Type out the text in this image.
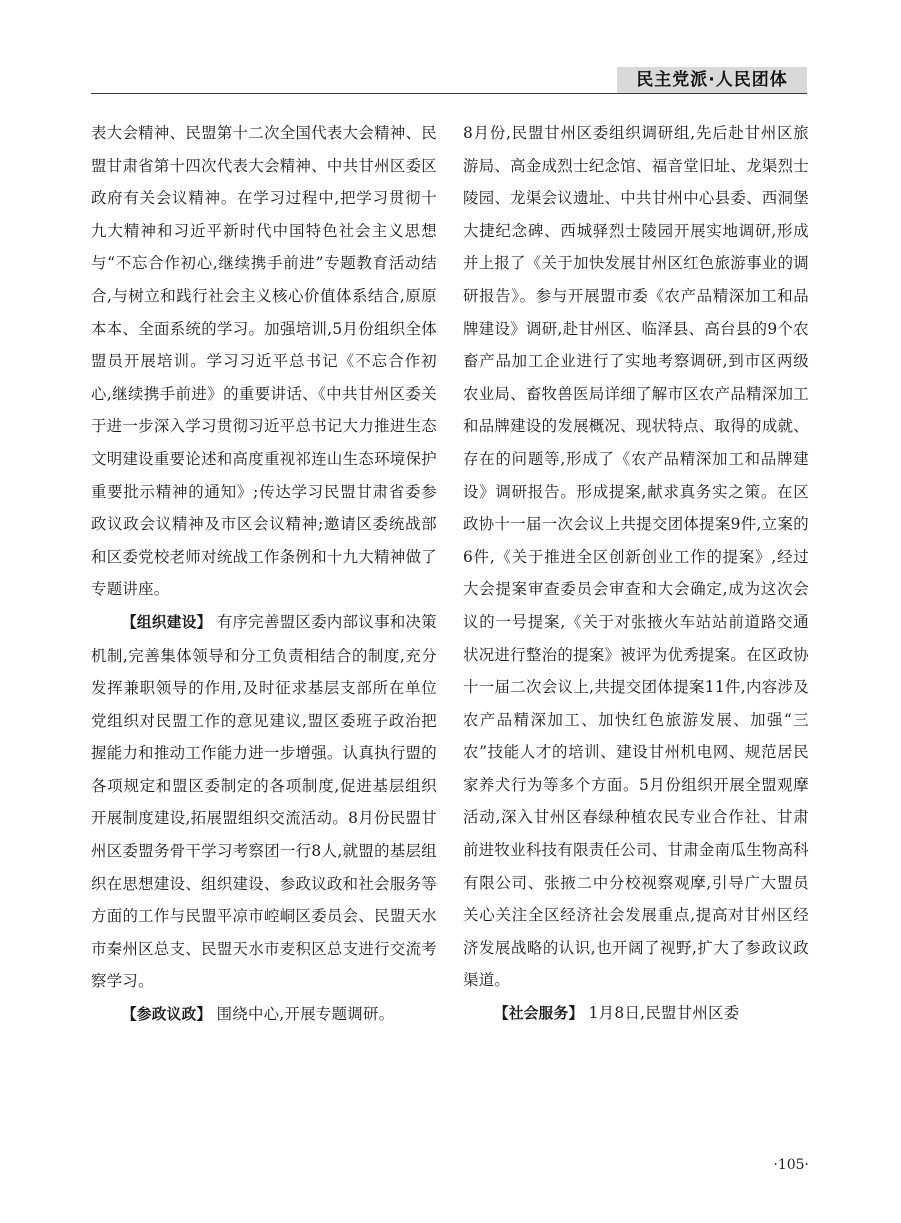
民主党派·人民团体

表大会精神、民盟第十二次全国代表大会精神、民盟甘肃省第十四次代表大会精神、中共甘州区委区政府有关会议精神。在学习过程中,把学习贯彻十九大精神和习近平新时代中国特色社会主义思想与“不忘合作初心,继续携手前进”专题教育活动结合,与树立和践行社会主义核心价值体系结合,原原本本、全面系统的学习。加强培训,5月份组织全体盟员开展培训。学习习近平总书记《不忘合作初心,继续携手前进》的重要讲话、《中共甘州区委关于进一步深入学习贯彻习近平总书记大力推进生态文明建设重要论述和高度重视祁连山生态环境保护重要批示精神的通知》;传达学习民盟甘肃省委参政议政会议精神及市区会议精神;邀请区委统战部和区委党校老师对统战工作条例和十九大精神做了专题讲座。

【组织建设】 有序完善盟区委内部议事和决策机制,完善集体领导和分工负责相结合的制度,充分发挥兼职领导的作用,及时征求基层支部所在单位党组织对民盟工作的意见建议,盟区委班子政治把握能力和推动工作能力进一步增强。认真执行盟的各项规定和盟区委制定的各项制度,促进基层组织开展制度建设,拓展盟组织交流活动。8月份民盟甘州区委盟务骨干学习考察团一行8人,就盟的基层组织在思想建设、组织建设、参政议政和社会服务等方面的工作与民盟平凉市崆峒区委员会、民盟天水市秦州区总支、民盟天水市麦积区总支进行交流考察学习。

【参政议政】 围绕中心,开展专题调研。

8月份,民盟甘州区委组织调研组,先后赴甘州区旅游局、高金成烈士纪念馆、福音堂旧址、龙渠烈士陵园、龙渠会议遗址、中共甘州中心县委、西洞堡大捷纪念碑、西城驿烈士陵园开展实地调研,形成并上报了《关于加快发展甘州区红色旅游事业的调研报告》。参与开展盟市委《农产品精深加工和品牌建设》调研,赴甘州区、临泽县、高台县的9个农畜产品加工企业进行了实地考察调研,到市区两级农业局、畜牧兽医局详细了解市区农产品精深加工和品牌建设的发展概况、现状特点、取得的成就、存在的问题等,形成了《农产品精深加工和品牌建设》调研报告。形成提案,献求真务实之策。在区政协十一届一次会议上共提交团体提案9件,立案的6件,《关于推进全区创新创业工作的提案》,经过大会提案审查委员会审查和大会确定,成为这次会议的一号提案,《关于对张掖火车站站前道路交通状况进行整治的提案》被评为优秀提案。在区政协十一届二次会议上,共提交团体提案11件,内容涉及农产品精深加工、加快红色旅游发展、加强“三农”技能人才的培训、建设甘州机电网、规范居民家养犬行为等多个方面。5月份组织开展全盟观摩活动,深入甘州区春绿种植农民专业合作社、甘肃前进牧业科技有限责任公司、甘肃金南瓜生物高科有限公司、张掖二中分校视察观摩,引导广大盟员关心关注全区经济社会发展重点,提高对甘州区经济发展战略的认识,也开阔了视野,扩大了参政议政渠道。

【社会服务】 1月8日,民盟甘州区委

·105·
